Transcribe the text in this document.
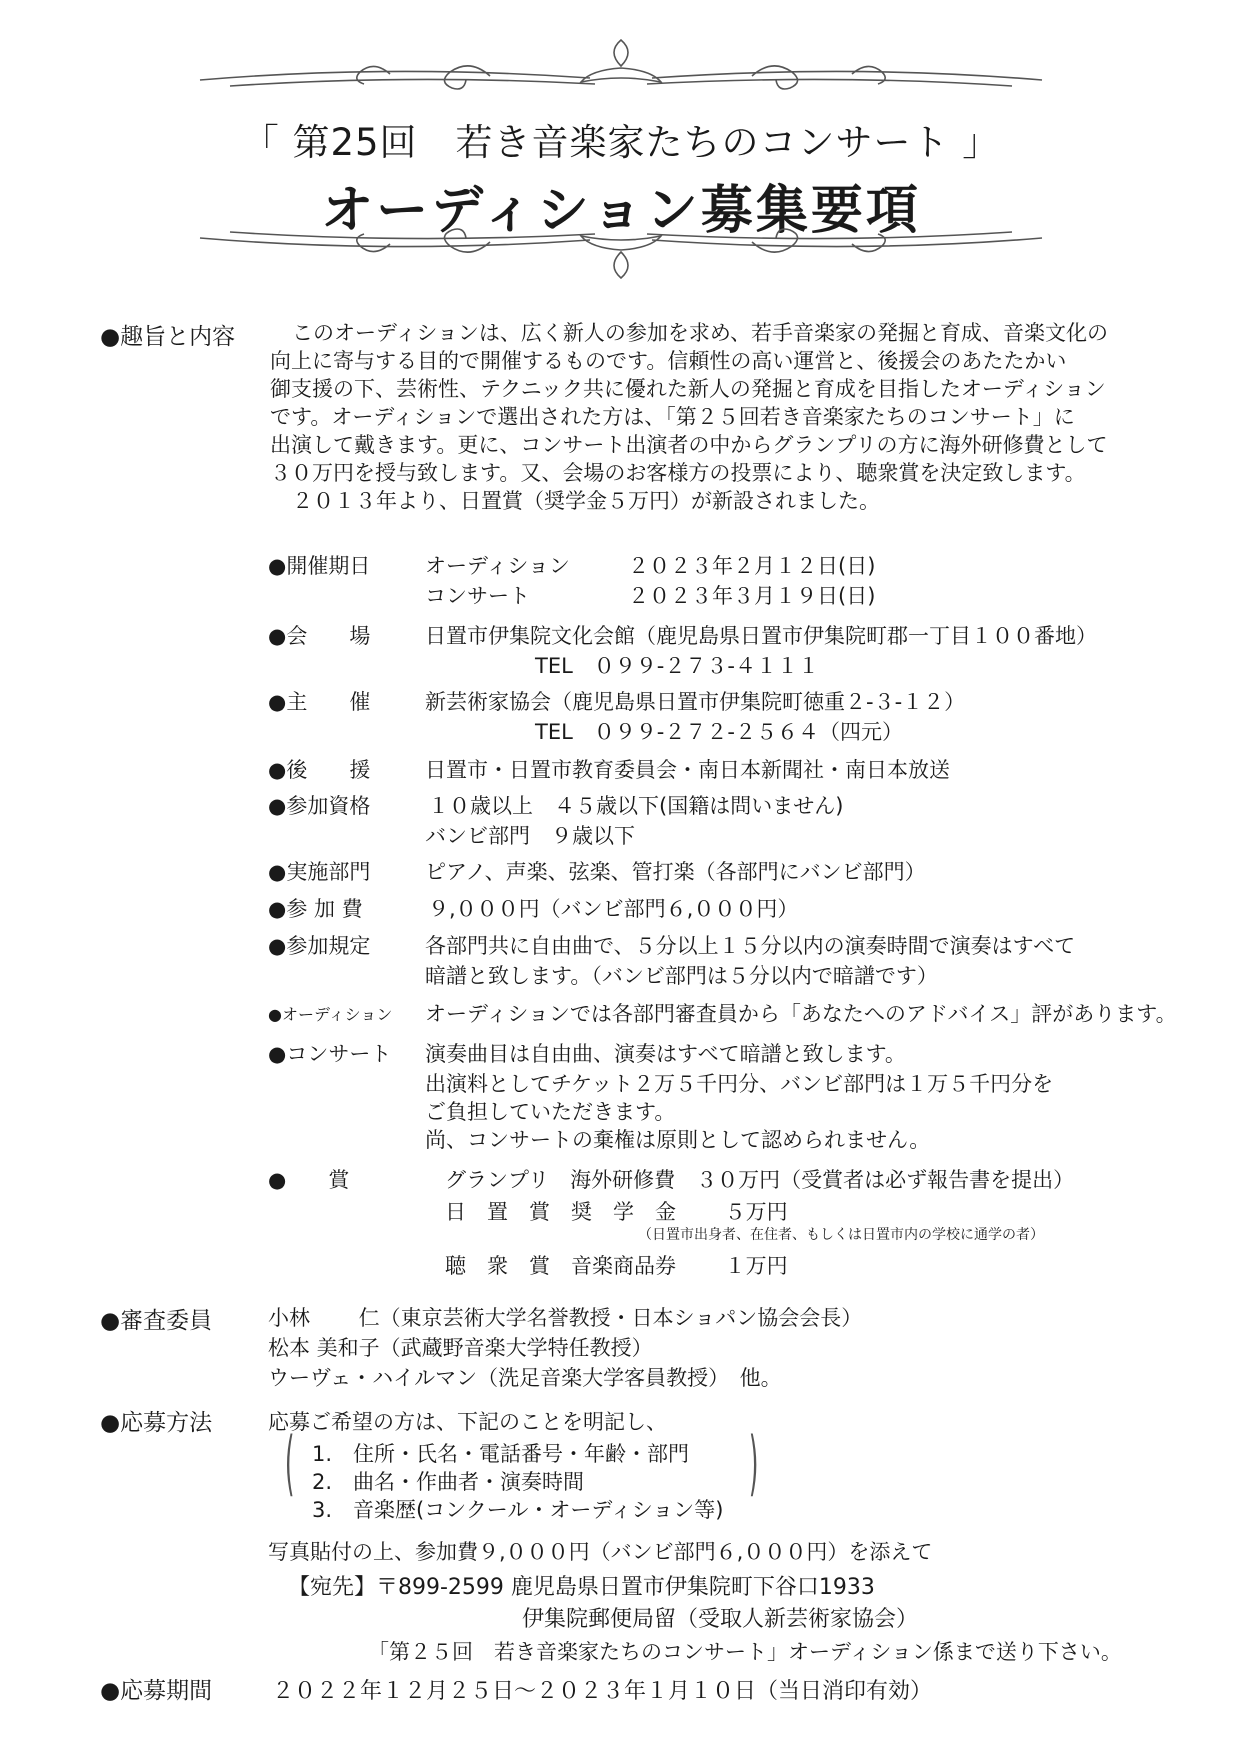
「 第25回　若き音楽家たちのコンサート 」
オーディション募集要項
●趣旨と内容	このオーディションは、広く新人の参加を求め、若手音楽家の発掘と育成、音楽文化の
向上に寄与する目的で開催するものです。信頼性の高い運営と、後援会のあたたかい
御支援の下、芸術性、テクニック共に優れた新人の発掘と育成を目指したオーディション
です。オーディションで選出された方は、「第２５回若き音楽家たちのコンサート」に
出演して戴きます。更に、コンサート出演者の中からグランプリの方に海外研修費として
３０万円を授与致します。又、会場のお客様方の投票により、聴衆賞を決定致します。
２０１３年より、日置賞（奨学金５万円）が新設されました。
●開催期日	オーディション	２０２３年２月１２日(日)
コンサート	２０２３年３月１９日(日)
●会　　場	日置市伊集院文化会館（鹿児島県日置市伊集院町郡一丁目１００番地）
TEL　０９９-２７３-４１１１
●主　　催	新芸術家協会（鹿児島県日置市伊集院町徳重２-３-１２）
TEL　０９９-２７２-２５６４（四元）
●後　　援	日置市・日置市教育委員会・南日本新聞社・南日本放送
●参加資格	１０歳以上　４５歳以下(国籍は問いません)
バンビ部門　９歳以下
●実施部門	ピアノ、声楽、弦楽、管打楽（各部門にバンビ部門）
●参 加 費	９,０００円（バンビ部門６,０００円）
●参加規定	各部門共に自由曲で、５分以上１５分以内の演奏時間で演奏はすべて
暗譜と致します。（バンビ部門は５分以内で暗譜です）
●オーディション オーディションでは各部門審査員から「あなたへのアドバイス」評があります。
●コンサート 演奏曲目は自由曲、演奏はすべて暗譜と致します。
出演料としてチケット２万５千円分、バンビ部門は１万５千円分を
ご負担していただきます。
尚、コンサートの棄権は原則として認められません。
●　　賞	グランプリ　海外研修費　３０万円（受賞者は必ず報告書を提出）
日　置　賞　奨　学　金　　 ５万円
（日置市出身者、在住者、もしくは日置市内の学校に通学の者）
聴　衆　賞　音楽商品券　　 １万円
●審査委員	小林　　 仁（東京芸術大学名誉教授・日本ショパン協会会長）
松本 美和子（武蔵野音楽大学特任教授）
ウーヴェ・ハイルマン（洗足音楽大学客員教授）　他。
●応募方法	応募ご希望の方は、下記のことを明記し、
(	)
1.　住所・氏名・電話番号・年齢・部門
2.　曲名・作曲者・演奏時間
3.　音楽歴(コンクール・オーディション等)
写真貼付の上、参加費９,０００円（バンビ部門６,０００円）を添えて
【宛先】〒899-2599 鹿児島県日置市伊集院町下谷口1933
伊集院郵便局留（受取人新芸術家協会）
「第２５回　若き音楽家たちのコンサート」オーディション係まで送り下さい。
●応募期間	２０２２年１２月２５日～２０２３年１月１０日（当日消印有効）
